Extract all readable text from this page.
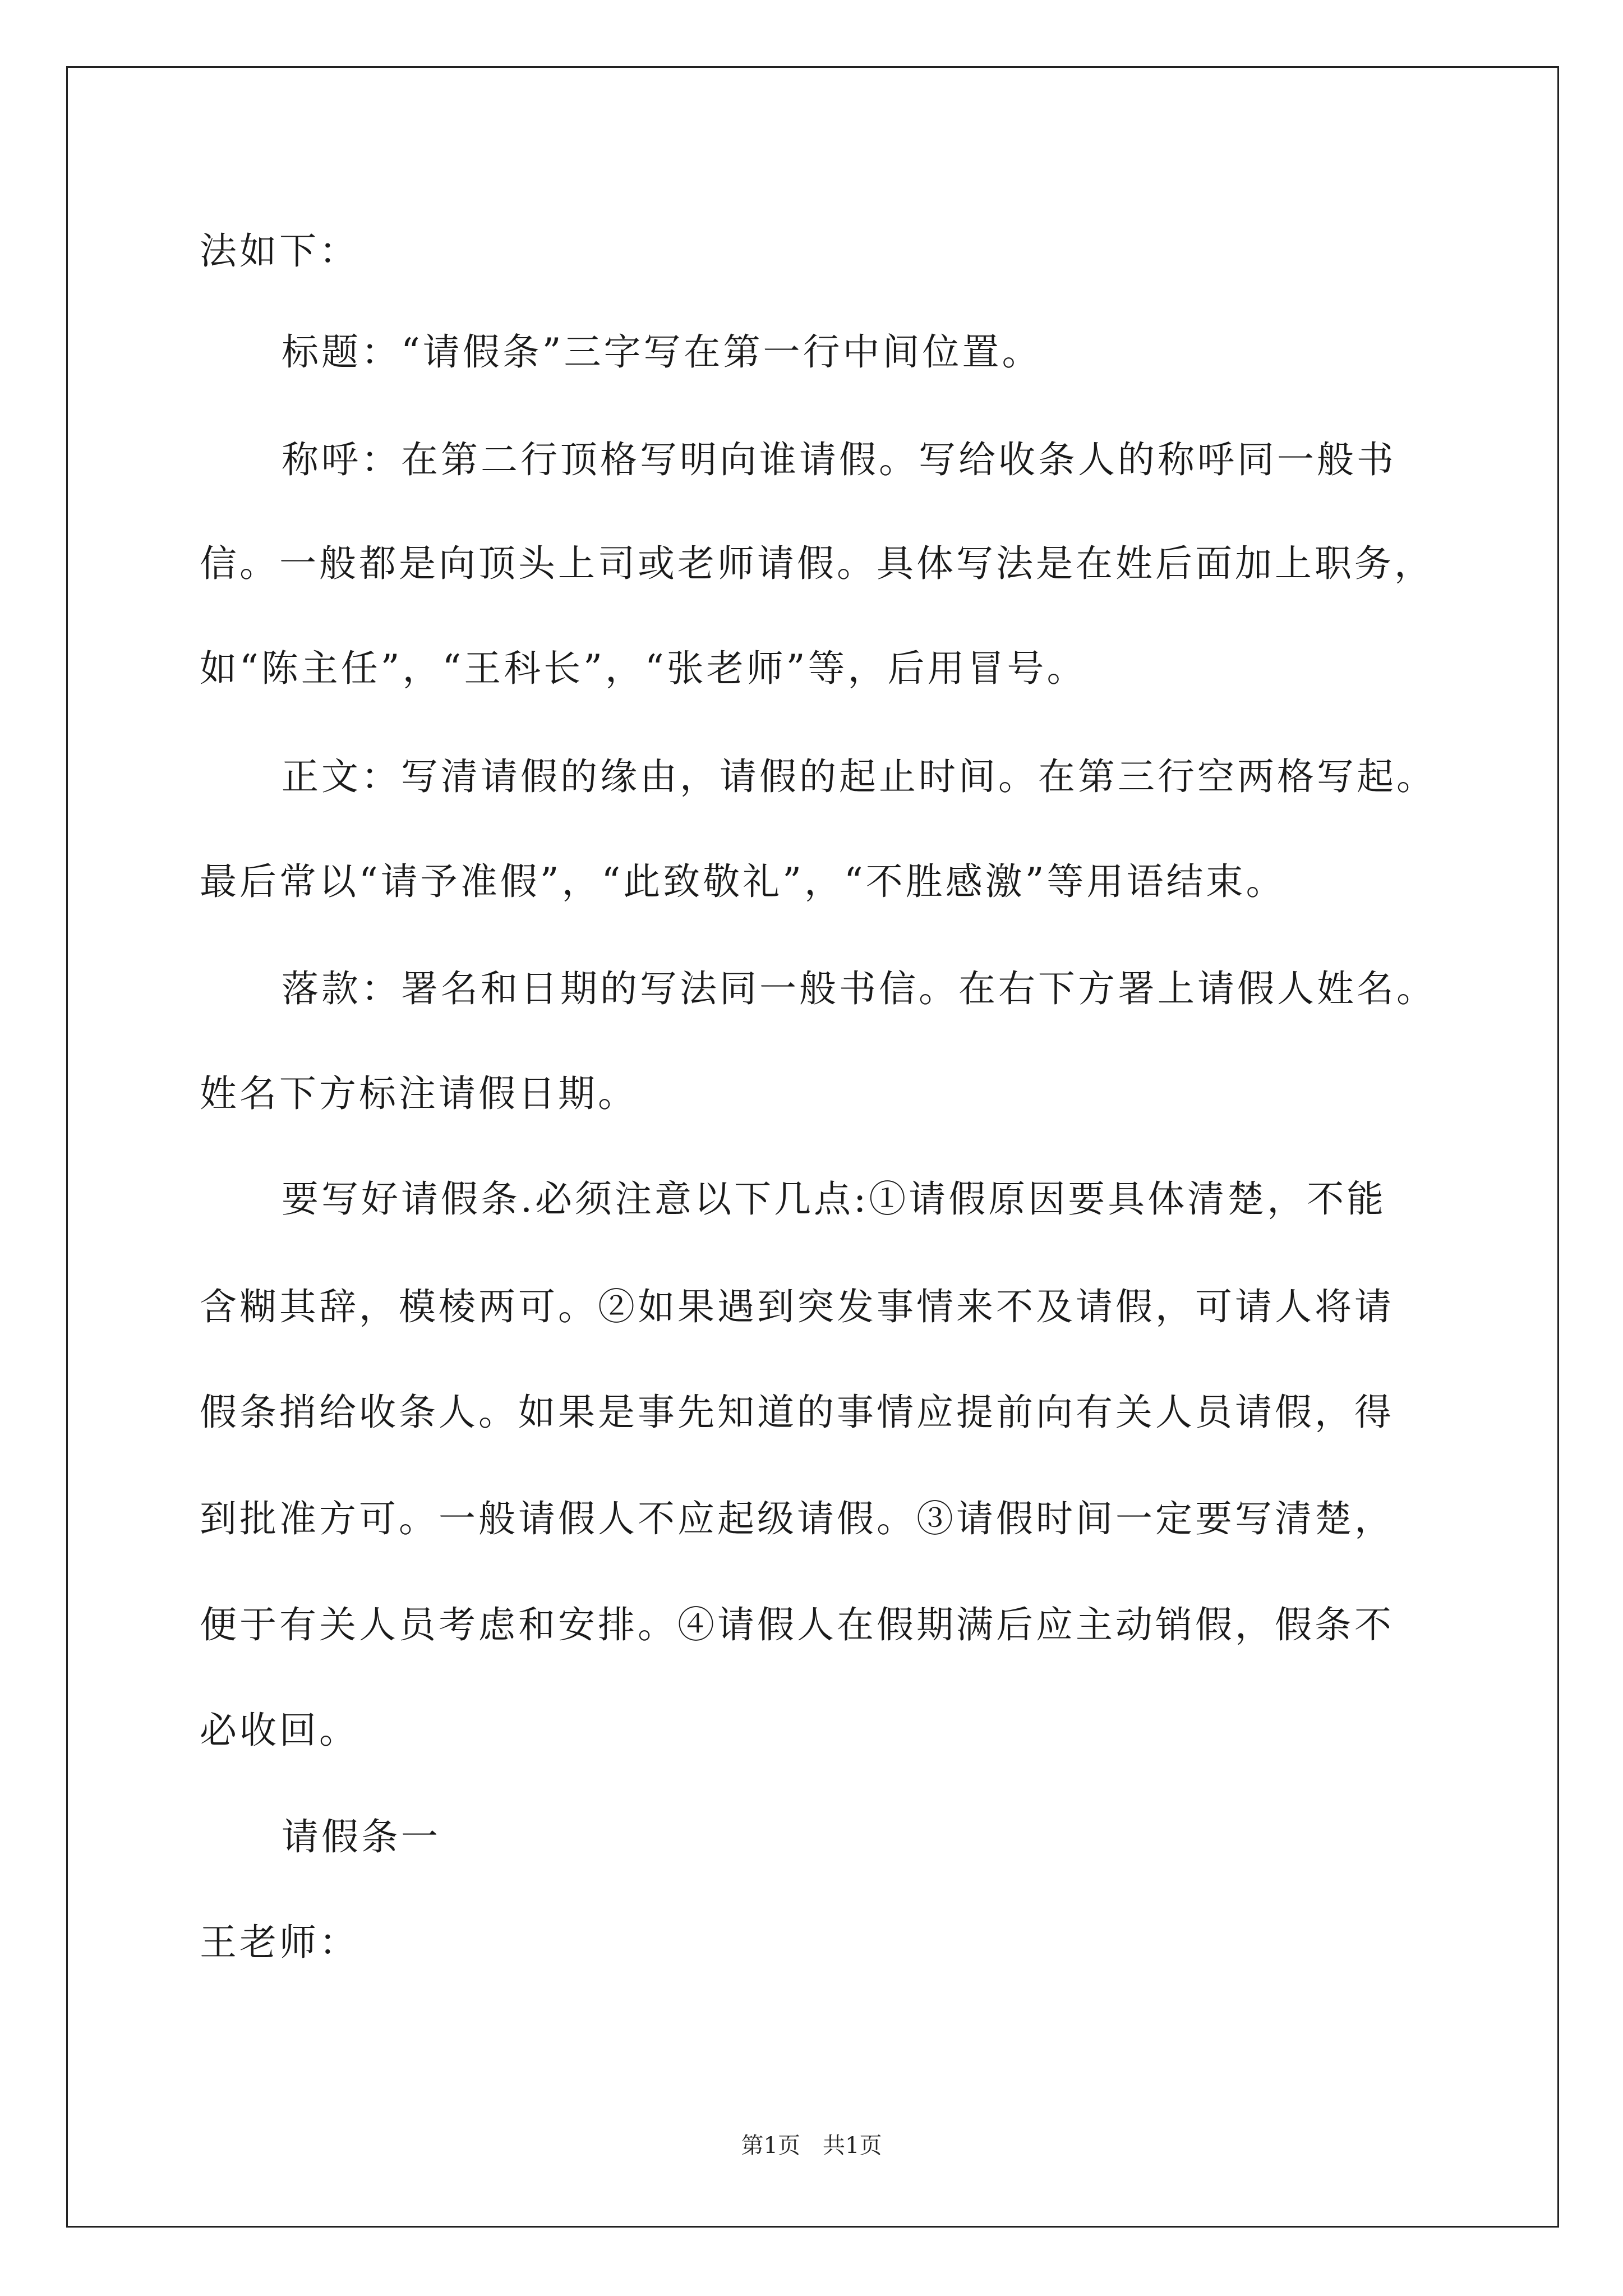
法如下：
标题：“请假条”三字写在第一行中间位置。
称呼：在第二行顶格写明向谁请假。写给收条人的称呼同一般书
信。一般都是向顶头上司或老师请假。具体写法是在姓后面加上职务，
如“陈主任”，“王科长”，“张老师”等，后用冒号。
正文：写清请假的缘由，请假的起止时间。在第三行空两格写起。
最后常以“请予准假”，“此致敬礼”，“不胜感激”等用语结束。
落款：署名和日期的写法同一般书信。在右下方署上请假人姓名。
姓名下方标注请假日期。
要写好请假条.必须注意以下几点:①请假原因要具体清楚，不能
含糊其辞，模棱两可。②如果遇到突发事情来不及请假，可请人将请
假条捎给收条人。如果是事先知道的事情应提前向有关人员请假，得
到批准方可。一般请假人不应起级请假。③请假时间一定要写清楚，
便于有关人员考虑和安排。④请假人在假期满后应主动销假，假条不
必收回。
请假条一
王老师：
第1页　共1页
